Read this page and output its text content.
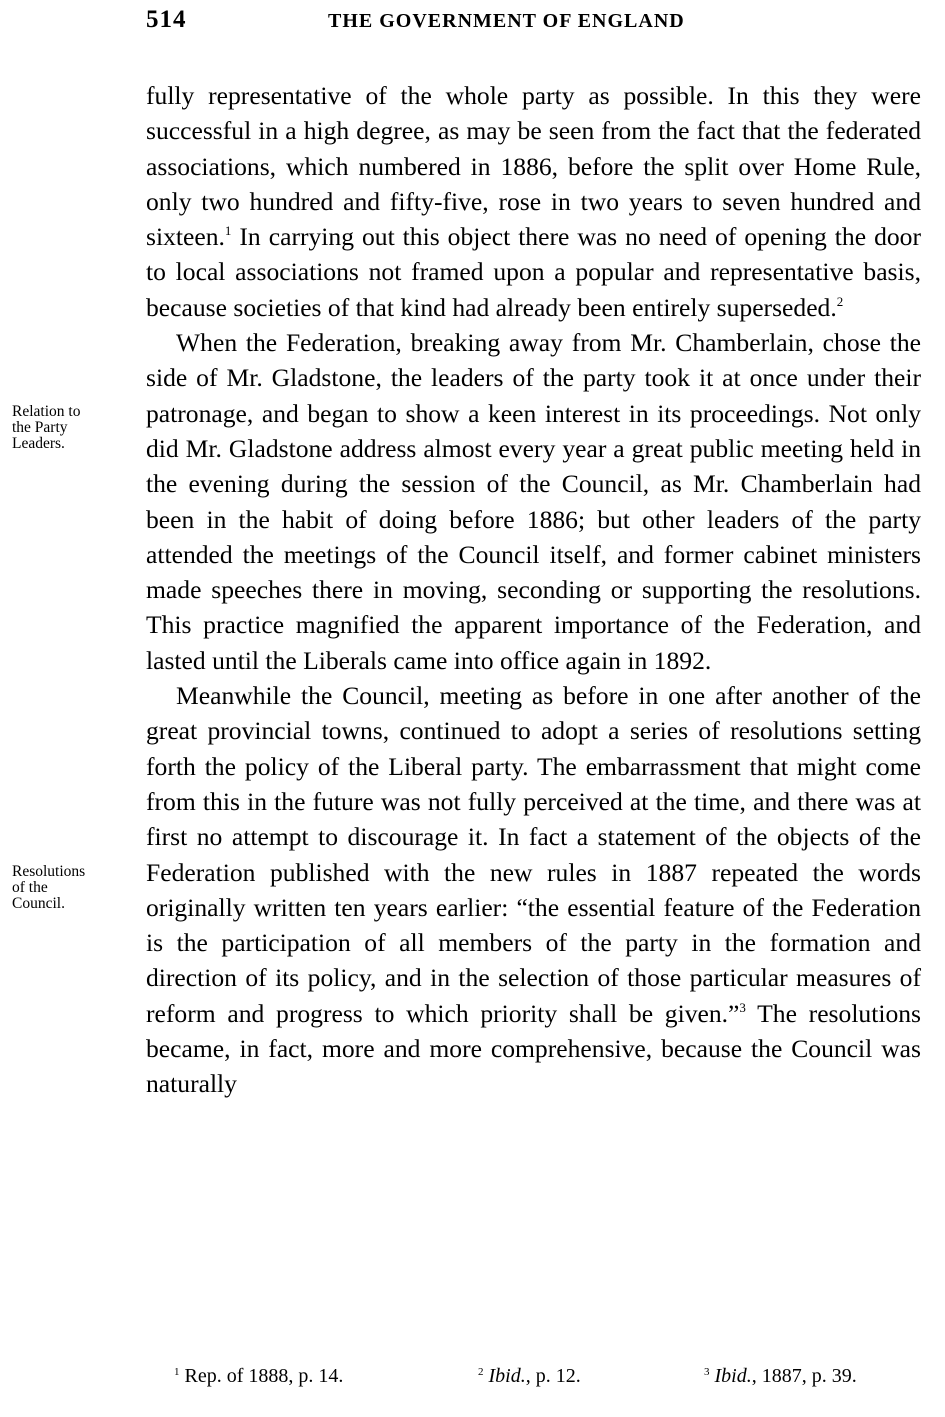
514	THE GOVERNMENT OF ENGLAND
Relation to
the Party
Leaders.
Resolutions
of the
Council.

fully representative of the whole party as possible. In this they were successful in a high degree, as may be seen from the fact that the federated associations, which numbered in 1886, before the split over Home Rule, only two hundred and fifty-five, rose in two years to seven hundred and sixteen.$^1$ In carrying out this object there was no need of opening the door to local associations not framed upon a popular and representative basis, because societies of that kind had already been entirely superseded.$^2$

When the Federation, breaking away from Mr. Chamberlain, chose the side of Mr. Gladstone, the leaders of the party took it at once under their patronage, and began to show a keen interest in its proceedings. Not only did Mr. Gladstone address almost every year a great public meeting held in the evening during the session of the Council, as Mr. Chamberlain had been in the habit of doing before 1886; but other leaders of the party attended the meetings of the Council itself, and former cabinet ministers made speeches there in moving, seconding or supporting the resolutions. This practice magnified the apparent importance of the Federation, and lasted until the Liberals came into office again in 1892.

Meanwhile the Council, meeting as before in one after another of the great provincial towns, continued to adopt a series of resolutions setting forth the policy of the Liberal party. The embarrassment that might come from this in the future was not fully perceived at the time, and there was at first no attempt to discourage it. In fact a statement of the objects of the Federation published with the new rules in 1887 repeated the words originally written ten years earlier: “the essential feature of the Federation is the participation of all members of the party in the formation and direction of its policy, and in the selection of those particular measures of reform and progress to which priority shall be given.”$^3$ The resolutions became, in fact, more and more comprehensive, because the Council was naturally

$^1$ Rep. of 1888, p. 14.	$^2$ Ibid., p. 12.	$^3$ Ibid., 1887, p. 39.
